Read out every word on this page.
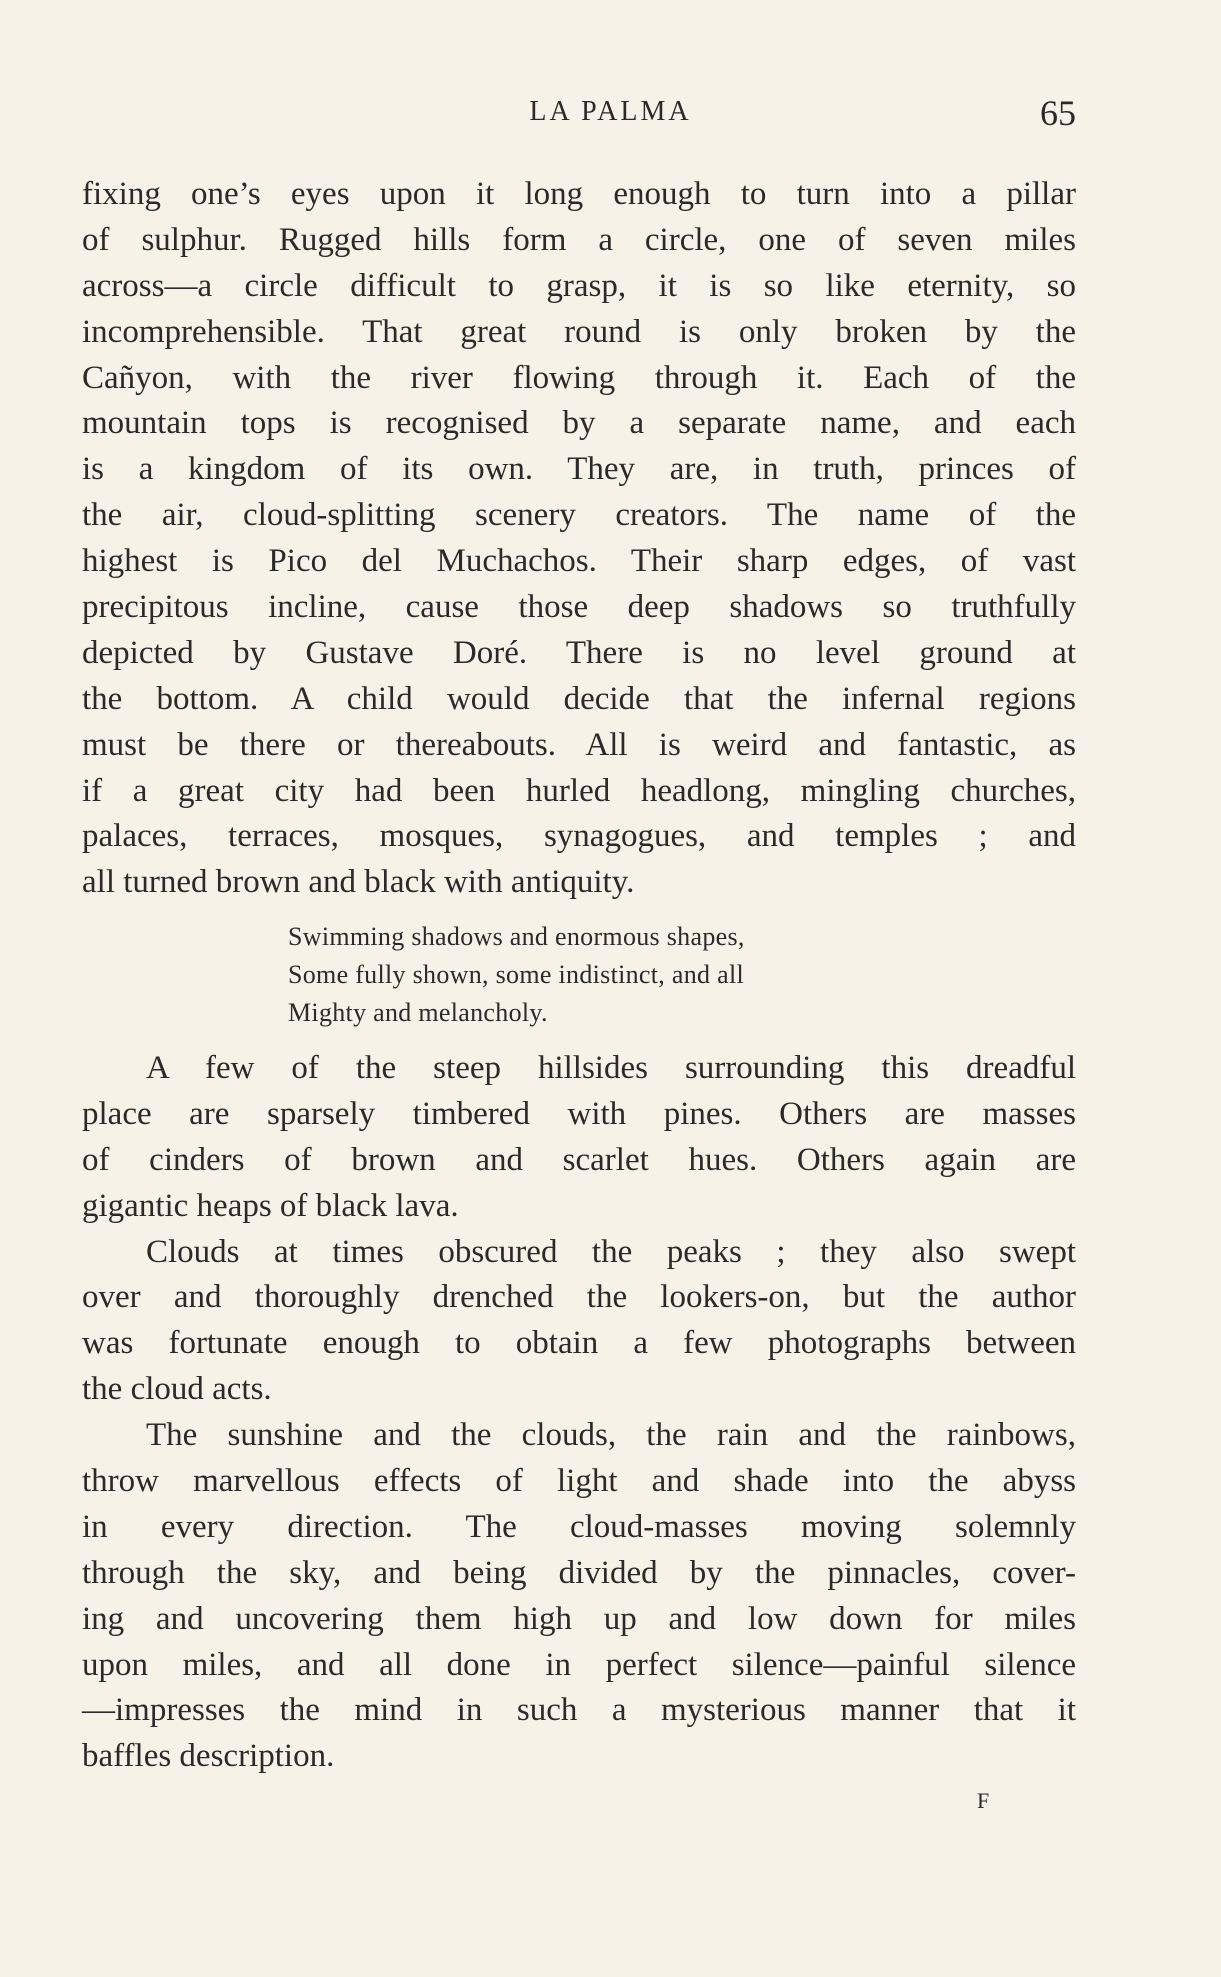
LA PALMA	65
fixing one’s eyes upon it long enough to turn into a pillar
of sulphur. Rugged hills form a circle, one of seven miles
across—a circle difficult to grasp, it is so like eternity, so
incomprehensible. That great round is only broken by the
Cañyon, with the river flowing through it. Each of the
mountain tops is recognised by a separate name, and each
is a kingdom of its own. They are, in truth, princes of
the air, cloud-splitting scenery creators. The name of the
highest is Pico del Muchachos. Their sharp edges, of vast
precipitous incline, cause those deep shadows so truthfully
depicted by Gustave Doré. There is no level ground at
the bottom. A child would decide that the infernal regions
must be there or thereabouts. All is weird and fantastic, as
if a great city had been hurled headlong, mingling churches,
palaces, terraces, mosques, synagogues, and temples ; and
all turned brown and black with antiquity.
Swimming shadows and enormous shapes,
Some fully shown, some indistinct, and all
Mighty and melancholy.
A few of the steep hillsides surrounding this dreadful
place are sparsely timbered with pines. Others are masses
of cinders of brown and scarlet hues. Others again are
gigantic heaps of black lava.
Clouds at times obscured the peaks ; they also swept
over and thoroughly drenched the lookers-on, but the author
was fortunate enough to obtain a few photographs between
the cloud acts.
The sunshine and the clouds, the rain and the rainbows,
throw marvellous effects of light and shade into the abyss
in every direction. The cloud-masses moving solemnly
through the sky, and being divided by the pinnacles, cover-
ing and uncovering them high up and low down for miles
upon miles, and all done in perfect silence—painful silence
—impresses the mind in such a mysterious manner that it
baffles description.
F
